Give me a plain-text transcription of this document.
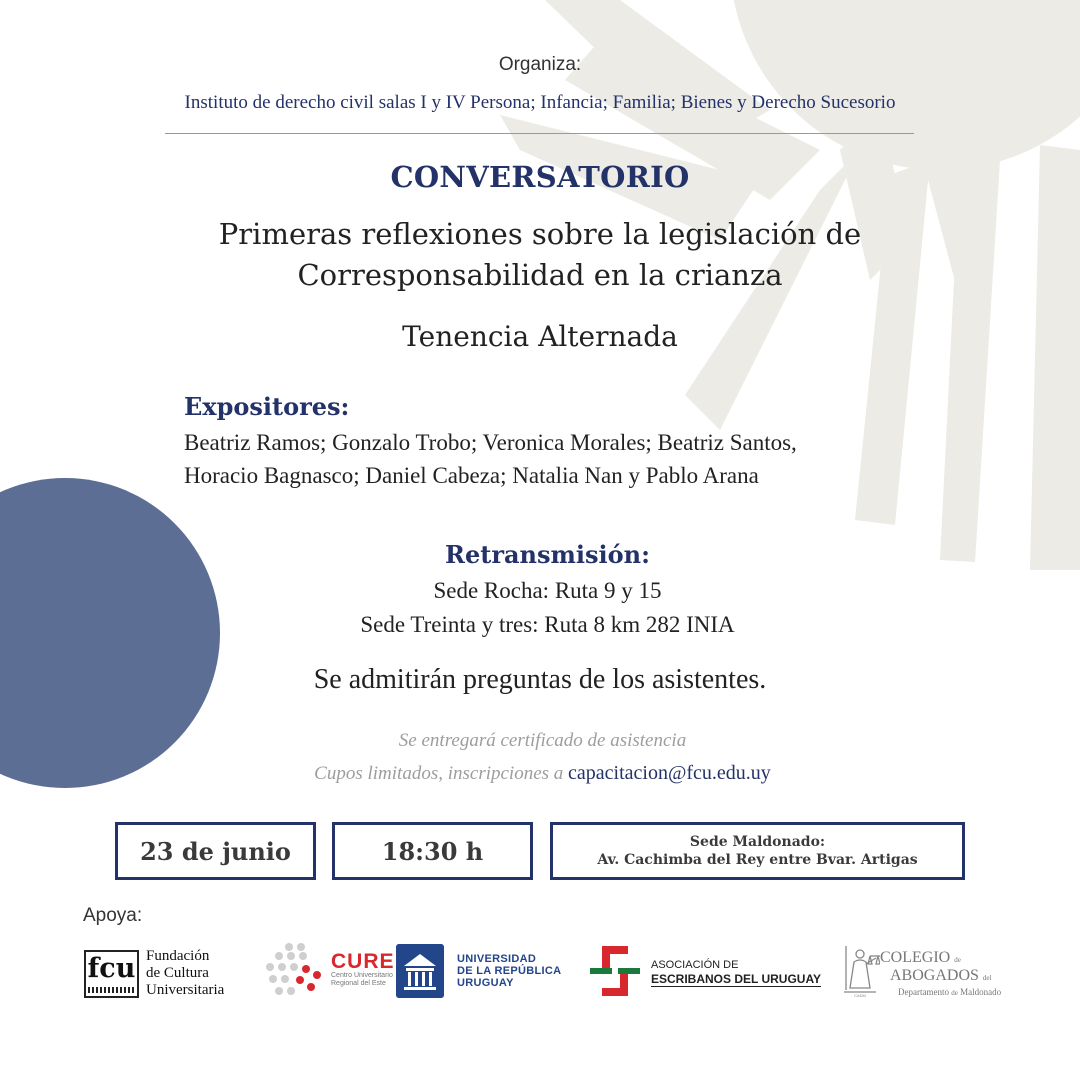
Organiza:
Instituto de derecho civil salas I y IV Persona; Infancia; Familia; Bienes y Derecho Sucesorio
CONVERSATORIO
Primeras reflexiones sobre la legislación de
Corresponsabilidad en la crianza
Tenencia Alternada
Expositores:
Beatriz Ramos; Gonzalo Trobo; Veronica Morales; Beatriz Santos,
Horacio Bagnasco; Daniel Cabeza; Natalia Nan y Pablo Arana
Retransmisión:
Sede Rocha: Ruta 9 y 15
Sede Treinta y tres: Ruta 8 km 282 INIA
Se admitirán preguntas de los asistentes.
Se entregará certificado de asistencia
Cupos limitados, inscripciones a capacitacion@fcu.edu.uy
23 de junio	18:30 h	Sede Maldonado:
Av. Cachimba del Rey entre Bvar. Artigas
Apoya:
fcu Fundación
de Cultura
Universitaria
CURE
Centro Universitario
Regional del Este
UNIVERSIDAD
DE LA REPÚBLICA
URUGUAY
ASOCIACIÓN DE
ESCRIBANOS DEL URUGUAY
CADM
COLEGIO de
ABOGADOS del
Departamento de Maldonado
